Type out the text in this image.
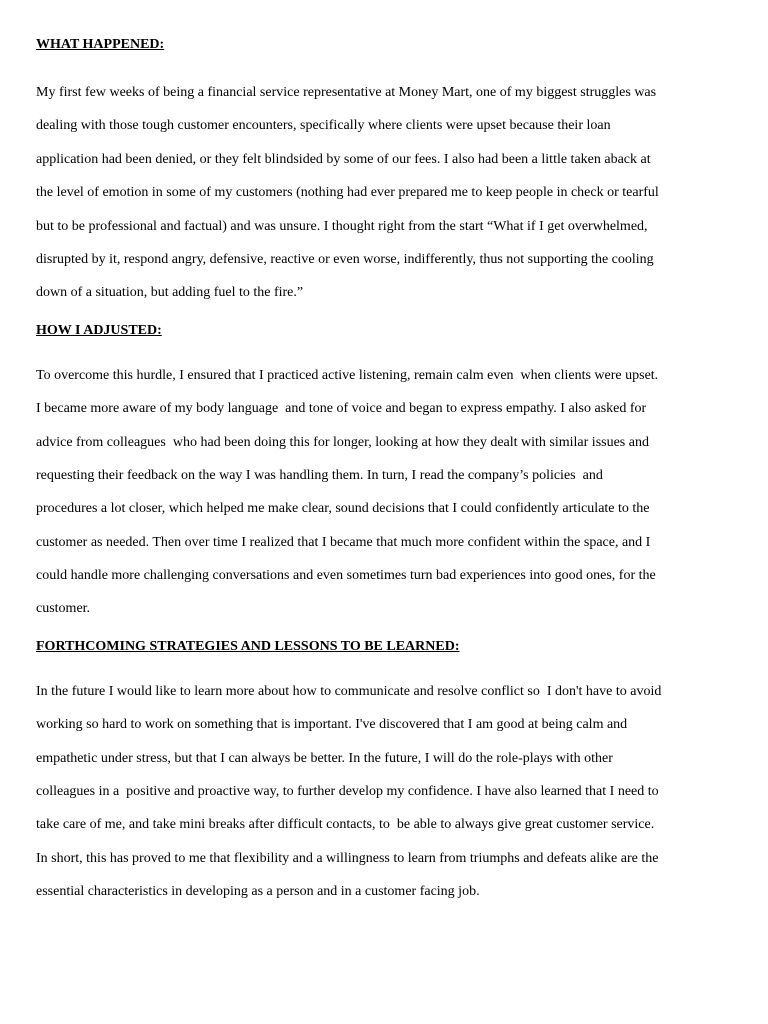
WHAT HAPPENED:
My first few weeks of being a financial service representative at Money Mart, one of my biggest struggles was
dealing with those tough customer encounters, specifically where clients were upset because their loan
application had been denied, or they felt blindsided by some of our fees. I also had been a little taken aback at
the level of emotion in some of my customers (nothing had ever prepared me to keep people in check or tearful
but to be professional and factual) and was unsure. I thought right from the start “What if I get overwhelmed,
disrupted by it, respond angry, defensive, reactive or even worse, indifferently, thus not supporting the cooling
down of a situation, but adding fuel to the fire.”
HOW I ADJUSTED:
To overcome this hurdle, I ensured that I practiced active listening, remain calm even  when clients were upset.
I became more aware of my body language  and tone of voice and began to express empathy. I also asked for
advice from colleagues  who had been doing this for longer, looking at how they dealt with similar issues and
requesting their feedback on the way I was handling them. In turn, I read the company’s policies  and
procedures a lot closer, which helped me make clear, sound decisions that I could confidently articulate to the
customer as needed. Then over time I realized that I became that much more confident within the space, and I
could handle more challenging conversations and even sometimes turn bad experiences into good ones, for the
customer.
FORTHCOMING STRATEGIES AND LESSONS TO BE LEARNED:
In the future I would like to learn more about how to communicate and resolve conflict so  I don't have to avoid
working so hard to work on something that is important. I've discovered that I am good at being calm and
empathetic under stress, but that I can always be better. In the future, I will do the role-plays with other
colleagues in a  positive and proactive way, to further develop my confidence. I have also learned that I need to
take care of me, and take mini breaks after difficult contacts, to  be able to always give great customer service.
In short, this has proved to me that flexibility and a willingness to learn from triumphs and defeats alike are the
essential characteristics in developing as a person and in a customer facing job.
